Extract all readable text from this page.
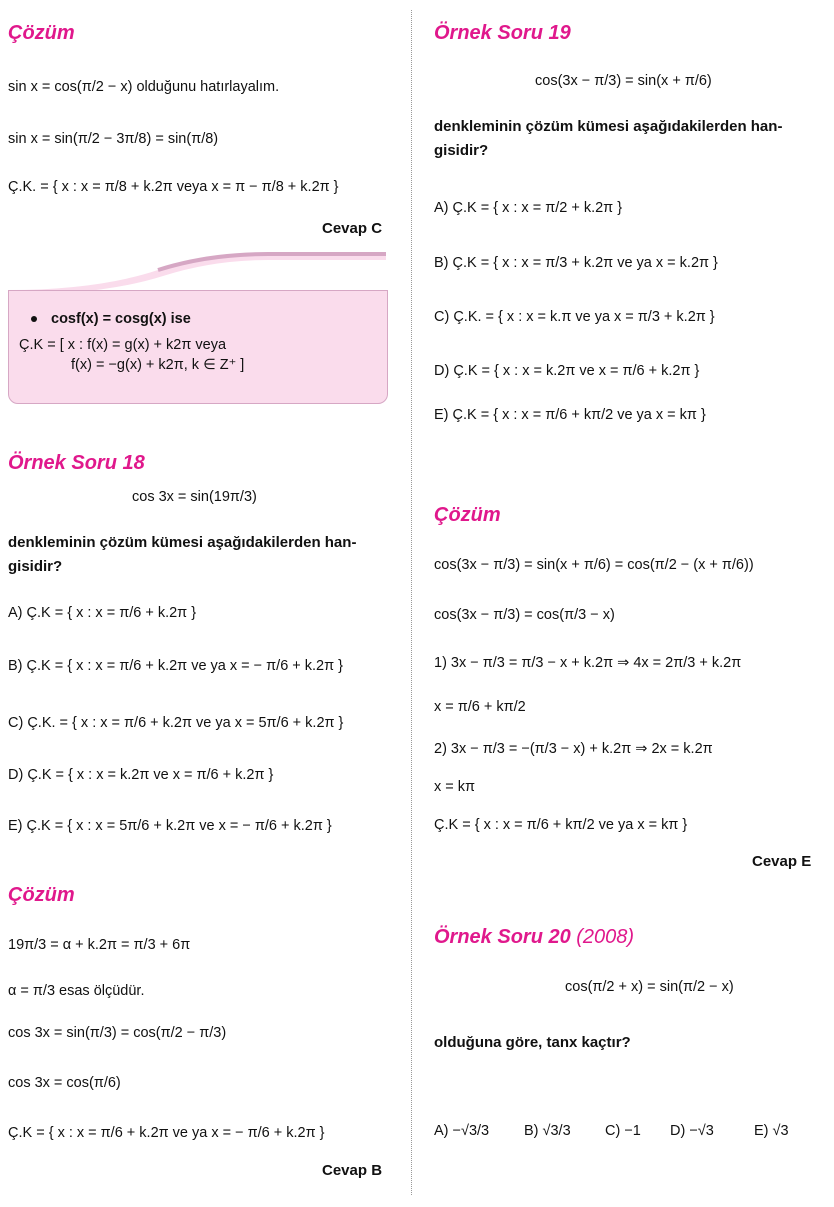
Çözüm
sin x = cos(π/2 − x) olduğunu hatırlayalım.
sin x = sin(π/2 − 3π/8) = sin(π/8)
Ç.K. = { x : x = π/8 + k.2π veya x = π − π/8 + k.2π }
Cevap C
cosf(x) = cosg(x) ise
Ç.K = [ x : f(x) = g(x) + k2π veya
f(x) = −g(x) + k2π, k ∈ Z⁺ ]
Örnek Soru 18
cos 3x = sin(19π/3)
denkleminin çözüm kümesi aşağıdakilerden han-
gisidir?
A) Ç.K = { x : x = π/6 + k.2π }
B) Ç.K = { x : x = π/6 + k.2π ve ya x = − π/6 + k.2π }
C) Ç.K. = { x : x = π/6 + k.2π ve ya x = 5π/6 + k.2π }
D) Ç.K = { x : x = k.2π ve x = π/6 + k.2π }
E) Ç.K = { x : x = 5π/6 + k.2π ve x = − π/6 + k.2π }
Çözüm
19π/3 = α + k.2π = π/3 + 6π
α = π/3 esas ölçüdür.
cos 3x = sin(π/3) = cos(π/2 − π/3)
cos 3x = cos(π/6)
Ç.K = { x : x = π/6 + k.2π ve ya x = − π/6 + k.2π }
Cevap B
Örnek Soru 19
cos(3x − π/3) = sin(x + π/6)
denkleminin çözüm kümesi aşağıdakilerden han-
gisidir?
A) Ç.K = { x : x = π/2 + k.2π }
B) Ç.K = { x : x = π/3 + k.2π ve ya x = k.2π }
C) Ç.K. = { x : x = k.π ve ya x = π/3 + k.2π }
D) Ç.K = { x : x = k.2π ve x = π/6 + k.2π }
E) Ç.K = { x : x = π/6 + kπ/2 ve ya x = kπ }
Çözüm
cos(3x − π/3) = sin(x + π/6) = cos(π/2 − (x + π/6))
cos(3x − π/3) = cos(π/3 − x)
1) 3x − π/3 = π/3 − x + k.2π ⇒ 4x = 2π/3 + k.2π
x = π/6 + kπ/2
2) 3x − π/3 = −(π/3 − x) + k.2π ⇒ 2x = k.2π
x = kπ
Ç.K = { x : x = π/6 + kπ/2 ve ya x = kπ }
Cevap E
Örnek Soru 20 (2008)
cos(π/2 + x) = sin(π/2 − x)
olduğuna göre, tanx kaçtır?
A) −√3/3 B) √3/3 C) −1 D) −√3	E) √3
